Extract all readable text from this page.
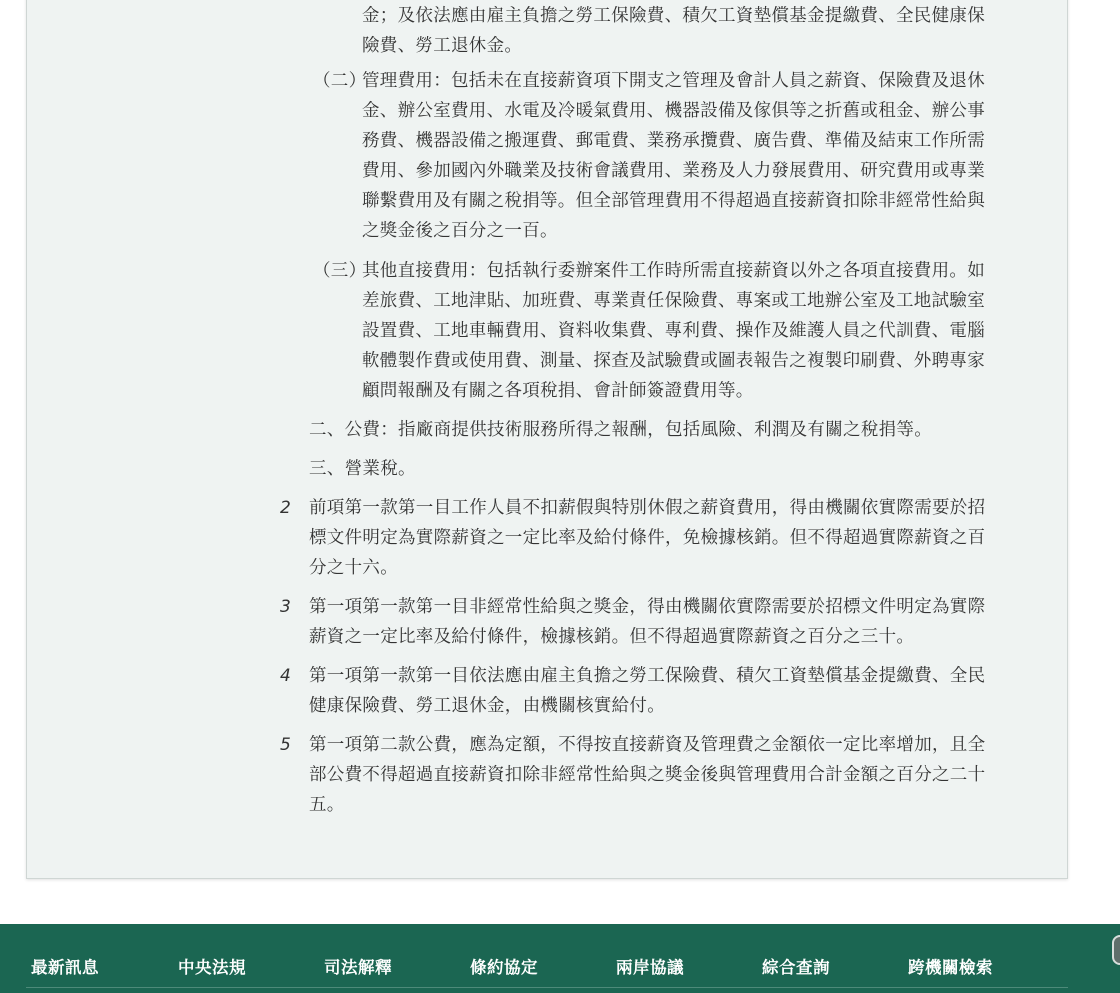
金；及依法應由雇主負擔之勞工保險費、積欠工資墊償基金提繳費、全民健康保
險費、勞工退休金。
（二）
管理費用：包括未在直接薪資項下開支之管理及會計人員之薪資、保險費及退休
金、辦公室費用、水電及冷暖氣費用、機器設備及傢俱等之折舊或租金、辦公事
務費、機器設備之搬運費、郵電費、業務承攬費、廣告費、準備及結束工作所需
費用、參加國內外職業及技術會議費用、業務及人力發展費用、研究費用或專業
聯繫費用及有關之稅捐等。但全部管理費用不得超過直接薪資扣除非經常性給與
之獎金後之百分之一百。
（三）
其他直接費用：包括執行委辦案件工作時所需直接薪資以外之各項直接費用。如
差旅費、工地津貼、加班費、專業責任保險費、專案或工地辦公室及工地試驗室
設置費、工地車輛費用、資料收集費、專利費、操作及維護人員之代訓費、電腦
軟體製作費或使用費、測量、探查及試驗費或圖表報告之複製印刷費、外聘專家
顧問報酬及有關之各項稅捐、會計師簽證費用等。
二、公費：指廠商提供技術服務所得之報酬，包括風險、利潤及有關之稅捐等。
三、營業稅。
2	前項第一款第一目工作人員不扣薪假與特別休假之薪資費用，得由機關依實際需要於招
標文件明定為實際薪資之一定比率及給付條件，免檢據核銷。但不得超過實際薪資之百
分之十六。
3	第一項第一款第一目非經常性給與之獎金，得由機關依實際需要於招標文件明定為實際
薪資之一定比率及給付條件，檢據核銷。但不得超過實際薪資之百分之三十。
4	第一項第一款第一目依法應由雇主負擔之勞工保險費、積欠工資墊償基金提繳費、全民
健康保險費、勞工退休金，由機關核實給付。
5	第一項第二款公費，應為定額，不得按直接薪資及管理費之金額依一定比率增加，且全
部公費不得超過直接薪資扣除非經常性給與之獎金後與管理費用合計金額之百分之二十
五。
最新訊息	中央法規	司法解釋	條約協定	兩岸協議	綜合查詢	跨機關檢索
